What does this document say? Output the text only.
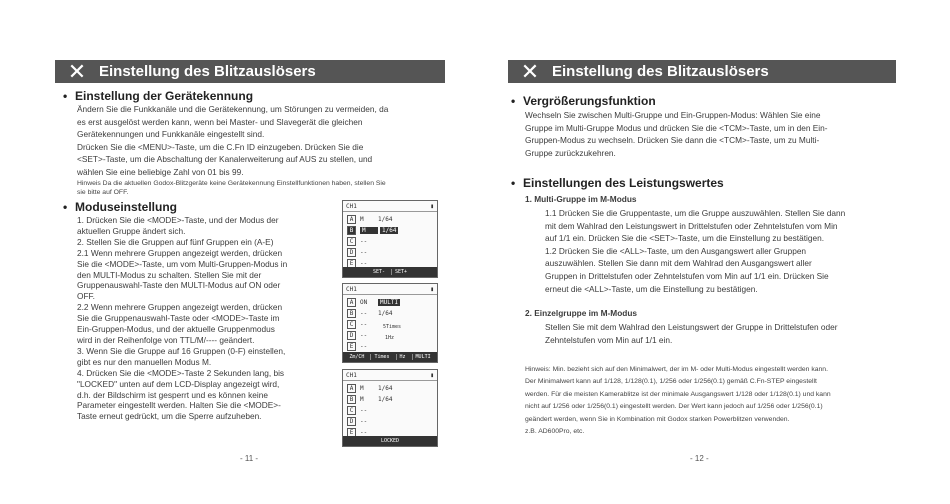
✕ Einstellung des Blitzauslösers
• Einstellung der Gerätekennung
Ändern Sie die Funkkanäle und die Gerätekennung, um Störungen zu vermeiden, da
es erst ausgelöst werden kann, wenn bei Master- und Slavegerät die gleichen
Gerätekennungen und Funkkanäle eingestellt sind.
Drücken Sie die <MENU>-Taste, um die C.Fn ID einzugeben. Drücken Sie die
<SET>-Taste, um die Abschaltung der Kanalerweiterung auf AUS zu stellen, und
wählen Sie eine beliebige Zahl von 01 bis 99.
Hinweis Da die aktuellen Godox-Blitzgeräte keine Gerätekennung Einstellfunktionen haben, stellen Sie
sie bitte auf OFF.
• Moduseinstellung
1. Drücken Sie die <MODE>-Taste, und der Modus der
aktuellen Gruppe ändert sich.
2. Stellen Sie die Gruppen auf fünf Gruppen ein (A-E)
2.1 Wenn mehrere Gruppen angezeigt werden, drücken
Sie die <MODE>-Taste, um vom Multi-Gruppen-Modus in
den MULTI-Modus zu schalten. Stellen Sie mit der
Gruppenauswahl-Taste den MULTI-Modus auf ON oder
OFF.
2.2 Wenn mehrere Gruppen angezeigt werden, drücken
Sie die Gruppenauswahl-Taste oder <MODE>-Taste im
Ein-Gruppen-Modus, und der aktuelle Gruppenmodus
wird in der Reihenfolge von TTL/M/---- geändert.
3. Wenn Sie die Gruppe auf 16 Gruppen (0-F) einstellen,
gibt es nur den manuellen Modus M.
4. Drücken Sie die <MODE>-Taste 2 Sekunden lang, bis
"LOCKED" unten auf dem LCD-Display angezeigt wird,
d.h. der Bildschirm ist gesperrt und es können keine
Parameter eingestellt werden. Halten Sie die <MODE>-
Taste erneut gedrückt, um die Sperre aufzuheben.
CH1	▮
A	M	1/64
B	M	1/64
C	--
D	--
E	--
SET-	SET+
CH1	▮
A	ON	MULTI
B	--	1/64
C	--
D	--
E	--
5Times
1Hz
Zm/CH	Times	Hz	MULTI
CH1	▮
A	M	1/64
B	M	1/64
C	--
D	--
E	--
LOCKED
- 11 -
✕ Einstellung des Blitzauslösers
• Vergrößerungsfunktion
Wechseln Sie zwischen Multi-Gruppe und Ein-Gruppen-Modus: Wählen Sie eine
Gruppe im Multi-Gruppe Modus und drücken Sie die <TCM>-Taste, um in den Ein-
Gruppen-Modus zu wechseln. Drücken Sie dann die <TCM>-Taste, um zu Multi-
Gruppe zurückzukehren.
• Einstellungen des Leistungswertes
1. Multi-Gruppe im M-Modus
1.1 Drücken Sie die Gruppentaste, um die Gruppe auszuwählen. Stellen Sie dann
mit dem Wahlrad den Leistungswert in Drittelstufen oder Zehntelstufen vom Min
auf 1/1 ein. Drücken Sie die <SET>-Taste, um die Einstellung zu bestätigen.
1.2 Drücken Sie die <ALL>-Taste, um den Ausgangswert aller Gruppen
auszuwählen. Stellen Sie dann mit dem Wahlrad den Ausgangswert aller
Gruppen in Drittelstufen oder Zehntelstufen vom Min auf 1/1 ein. Drücken Sie
erneut die <ALL>-Taste, um die Einstellung zu bestätigen.
2. Einzelgruppe im M-Modus
Stellen Sie mit dem Wahlrad den Leistungswert der Gruppe in Drittelstufen oder
Zehntelstufen vom Min auf 1/1 ein.
Hinweis: Min. bezieht sich auf den Minimalwert, der im M- oder Multi-Modus eingestellt werden kann.
Der Minimalwert kann auf 1/128, 1/128(0.1), 1/256 oder 1/256(0.1) gemäß C.Fn-STEP eingestellt
werden. Für die meisten Kamerablitze ist der minimale Ausgangswert 1/128 oder 1/128(0.1) und kann
nicht auf 1/256 oder 1/256(0.1) eingestellt werden. Der Wert kann jedoch auf 1/256 oder 1/256(0.1)
geändert werden, wenn Sie in Kombination mit Godox starken Powerblitzen verwenden.
z.B. AD600Pro, etc.
- 12 -
